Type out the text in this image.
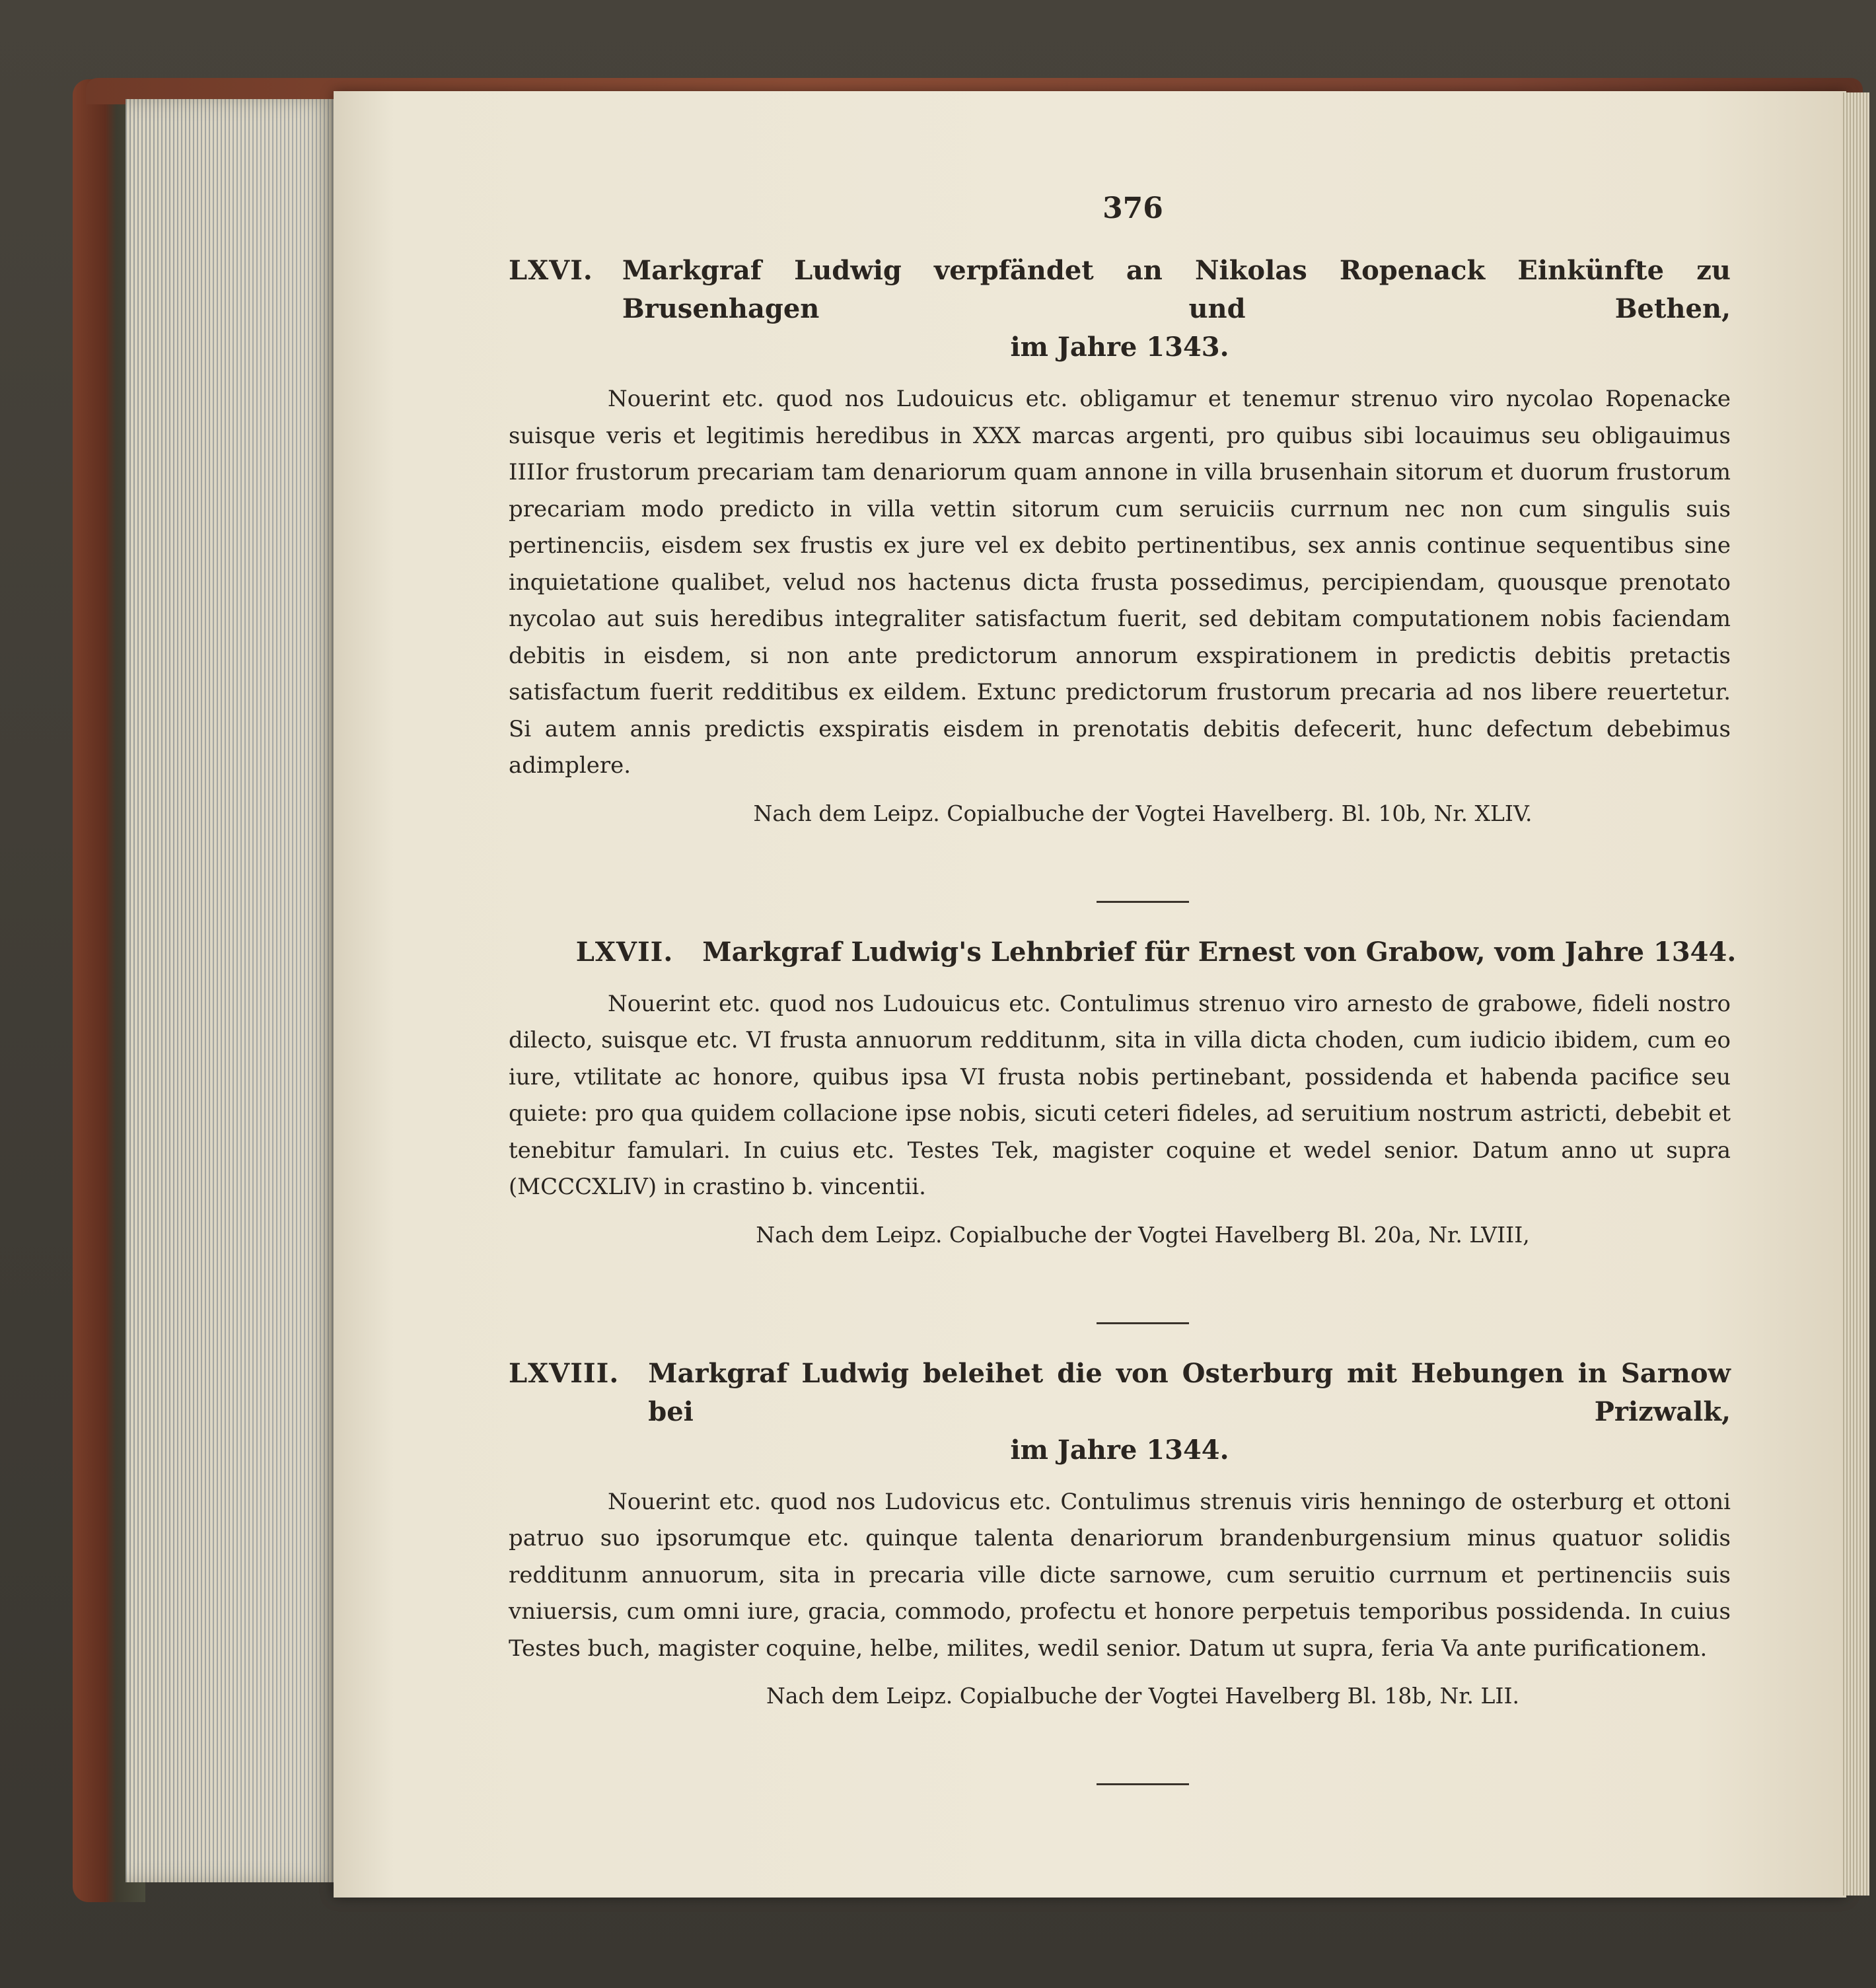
376
LXVI. Markgraf Ludwig verpfändet an Nikolas Ropenack Einkünfte zu Brusenhagen und Bethen,
im Jahre 1343.

Nouerint etc. quod nos Ludouicus etc. obligamur et tenemur strenuo viro nycolao Ropenacke suisque veris et legitimis heredibus in XXX marcas argenti, pro quibus sibi locauimus seu obligauimus IIIIor frustorum precariam tam denariorum quam annone in villa brusenhain sitorum et duorum frustorum precariam modo predicto in villa vettin sitorum cum seruiciis currnum nec non cum singulis suis pertinenciis, eisdem sex frustis ex jure vel ex debito pertinentibus, sex annis continue sequentibus sine inquietatione qualibet, velud nos hactenus dicta frusta possedimus, percipiendam, quousque prenotato nycolao aut suis heredibus integraliter satisfactum fuerit, sed debitam computationem nobis faciendam debitis in eisdem, si non ante predictorum annorum exspirationem in predictis debitis pretactis satisfactum fuerit redditibus ex eildem. Extunc predictorum frustorum precaria ad nos libere reuertetur. Si autem annis predictis exspiratis eisdem in prenotatis debitis defecerit, hunc defectum debebimus adimplere.

Nach dem Leipz. Copialbuche der Vogtei Havelberg. Bl. 10b, Nr. XLIV.
LXVII. Markgraf Ludwig's Lehnbrief für Ernest von Grabow, vom Jahre 1344.

Nouerint etc. quod nos Ludouicus etc. Contulimus strenuo viro arnesto de grabowe, fideli nostro dilecto, suisque etc. VI frusta annuorum redditunm, sita in villa dicta choden, cum iudicio ibidem, cum eo iure, vtilitate ac honore, quibus ipsa VI frusta nobis pertinebant, possidenda et habenda pacifice seu quiete: pro qua quidem collacione ipse nobis, sicuti ceteri fideles, ad seruitium nostrum astricti, debebit et tenebitur famulari. In cuius etc. Testes Tek, magister coquine et wedel senior. Datum anno ut supra (MCCCXLIV) in crastino b. vincentii.

Nach dem Leipz. Copialbuche der Vogtei Havelberg Bl. 20a, Nr. LVIII,
LXVIII. Markgraf Ludwig beleihet die von Osterburg mit Hebungen in Sarnow bei Prizwalk,
im Jahre 1344.

Nouerint etc. quod nos Ludovicus etc. Contulimus strenuis viris henningo de osterburg et ottoni patruo suo ipsorumque etc. quinque talenta denariorum brandenburgensium minus quatuor solidis redditunm annuorum, sita in precaria ville dicte sarnowe, cum seruitio currnum et pertinenciis suis vniuersis, cum omni iure, gracia, commodo, profectu et honore perpetuis temporibus possidenda. In cuius Testes buch, magister coquine, helbe, milites, wedil senior. Datum ut supra, feria Va ante purificationem.

Nach dem Leipz. Copialbuche der Vogtei Havelberg Bl. 18b, Nr. LII.
